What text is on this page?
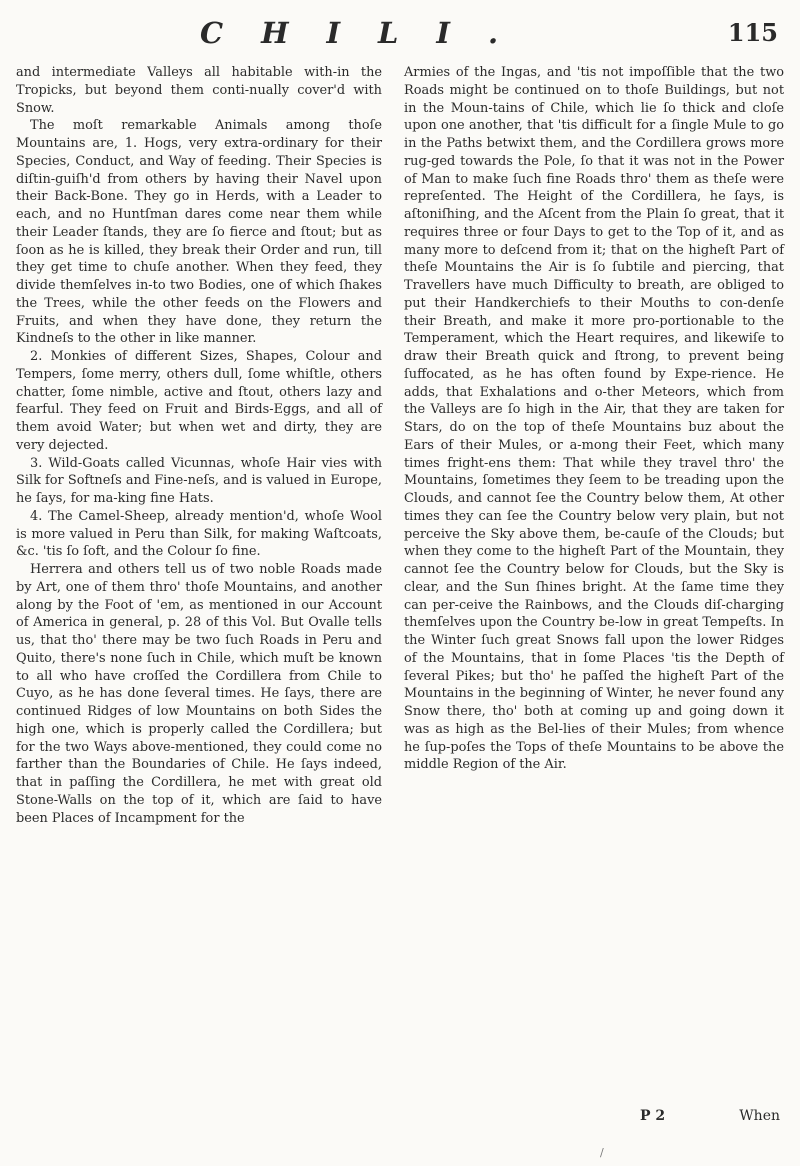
CHILI.	115

and intermediate Valleys all habitable with-in the Tropicks, but beyond them conti-nually cover'd with Snow.

The moſt remarkable Animals among thoſe Mountains are, 1. Hogs, very extra-ordinary for their Species, Conduct, and Way of feeding. Their Species is diſtin-guiſh'd from others by having their Navel upon their Back-Bone. They go in Herds, with a Leader to each, and no Huntſman dares come near them while their Leader ſtands, they are ſo fierce and ſtout; but as ſoon as he is killed, they break their Order and run, till they get time to chuſe another. When they feed, they divide themſelves in-to two Bodies, one of which ſhakes the Trees, while the other feeds on the Flowers and Fruits, and when they have done, they return the Kindneſs to the other in like manner.

2. Monkies of different Sizes, Shapes, Colour and Tempers, ſome merry, others dull, ſome whiſtle, others chatter, ſome nimble, active and ſtout, others lazy and fearful. They feed on Fruit and Birds-Eggs, and all of them avoid Water; but when wet and dirty, they are very dejected.

3. Wild-Goats called Vicunnas, whoſe Hair vies with Silk for Softneſs and Fine-neſs, and is valued in Europe, he ſays, for ma-king fine Hats.

4. The Camel-Sheep, already mention'd, whoſe Wool is more valued in Peru than Silk, for making Waſtcoats, &c. 'tis ſo ſoft, and the Colour ſo fine.

Herrera and others tell us of two noble Roads made by Art, one of them thro' thoſe Mountains, and another along by the Foot of 'em, as mentioned in our Account of America in general, p. 28 of this Vol. But Ovalle tells us, that tho' there may be two ſuch Roads in Peru and Quito, there's none ſuch in Chile, which muſt be known to all who have croſſed the Cordillera from Chile to Cuyo, as he has done ſeveral times. He ſays, there are continued Ridges of low Mountains on both Sides the high one, which is properly called the Cordillera; but for the two Ways above-mentioned, they could come no farther than the Boundaries of Chile. He ſays indeed, that in paſſing the Cordillera, he met with great old Stone-Walls on the top of it, which are ſaid to have been Places of Incampment for the

Armies of the Ingas, and 'tis not impoſſible that the two Roads might be continued on to thoſe Buildings, but not in the Moun-tains of Chile, which lie ſo thick and cloſe upon one another, that 'tis difficult for a ſingle Mule to go in the Paths betwixt them, and the Cordillera grows more rug-ged towards the Pole, ſo that it was not in the Power of Man to make ſuch fine Roads thro' them as theſe were repreſented. The Height of the Cordillera, he ſays, is aſtoniſhing, and the Aſcent from the Plain ſo great, that it requires three or four Days to get to the Top of it, and as many more to deſcend from it; that on the higheſt Part of theſe Mountains the Air is ſo ſubtile and piercing, that Travellers have much Difficulty to breath, are obliged to put their Handkerchiefs to their Mouths to con-denſe their Breath, and make it more pro-portionable to the Temperament, which the Heart requires, and likewiſe to draw their Breath quick and ſtrong, to prevent being ſuffocated, as he has often found by Expe-rience. He adds, that Exhalations and o-ther Meteors, which from the Valleys are ſo high in the Air, that they are taken for Stars, do on the top of theſe Mountains buz about the Ears of their Mules, or a-mong their Feet, which many times fright-ens them: That while they travel thro' the Mountains, ſometimes they ſeem to be treading upon the Clouds, and cannot ſee the Country below them, At other times they can ſee the Country below very plain, but not perceive the Sky above them, be-cauſe of the Clouds; but when they come to the higheſt Part of the Mountain, they cannot ſee the Country below for Clouds, but the Sky is clear, and the Sun ſhines bright. At the ſame time they can per-ceive the Rainbows, and the Clouds diſ-charging themſelves upon the Country be-low in great Tempeſts. In the Winter ſuch great Snows fall upon the lower Ridges of the Mountains, that in ſome Places 'tis the Depth of ſeveral Pikes; but tho' he paſſed the higheſt Part of the Mountains in the beginning of Winter, he never found any Snow there, tho' both at coming up and going down it was as high as the Bel-lies of their Mules; from whence he ſup-poſes the Tops of theſe Mountains to be above the middle Region of the Air.

P 2	When
/
